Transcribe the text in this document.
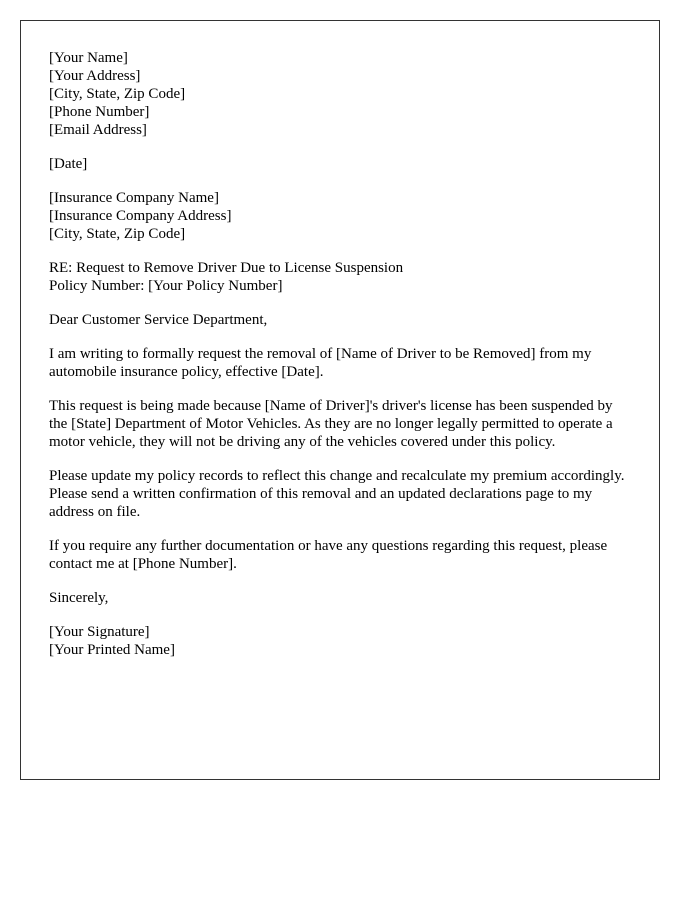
[Your Name]
[Your Address]
[City, State, Zip Code]
[Phone Number]
[Email Address]
[Date]
[Insurance Company Name]
[Insurance Company Address]
[City, State, Zip Code]
RE: Request to Remove Driver Due to License Suspension
Policy Number: [Your Policy Number]
Dear Customer Service Department,

I am writing to formally request the removal of [Name of Driver to be Removed] from my automobile insurance policy, effective [Date].

This request is being made because [Name of Driver]'s driver's license has been suspended by the [State] Department of Motor Vehicles. As they are no longer legally permitted to operate a motor vehicle, they will not be driving any of the vehicles covered under this policy.

Please update my policy records to reflect this change and recalculate my premium accordingly. Please send a written confirmation of this removal and an updated declarations page to my address on file.

If you require any further documentation or have any questions regarding this request, please contact me at [Phone Number].

Sincerely,
[Your Signature]
[Your Printed Name]
